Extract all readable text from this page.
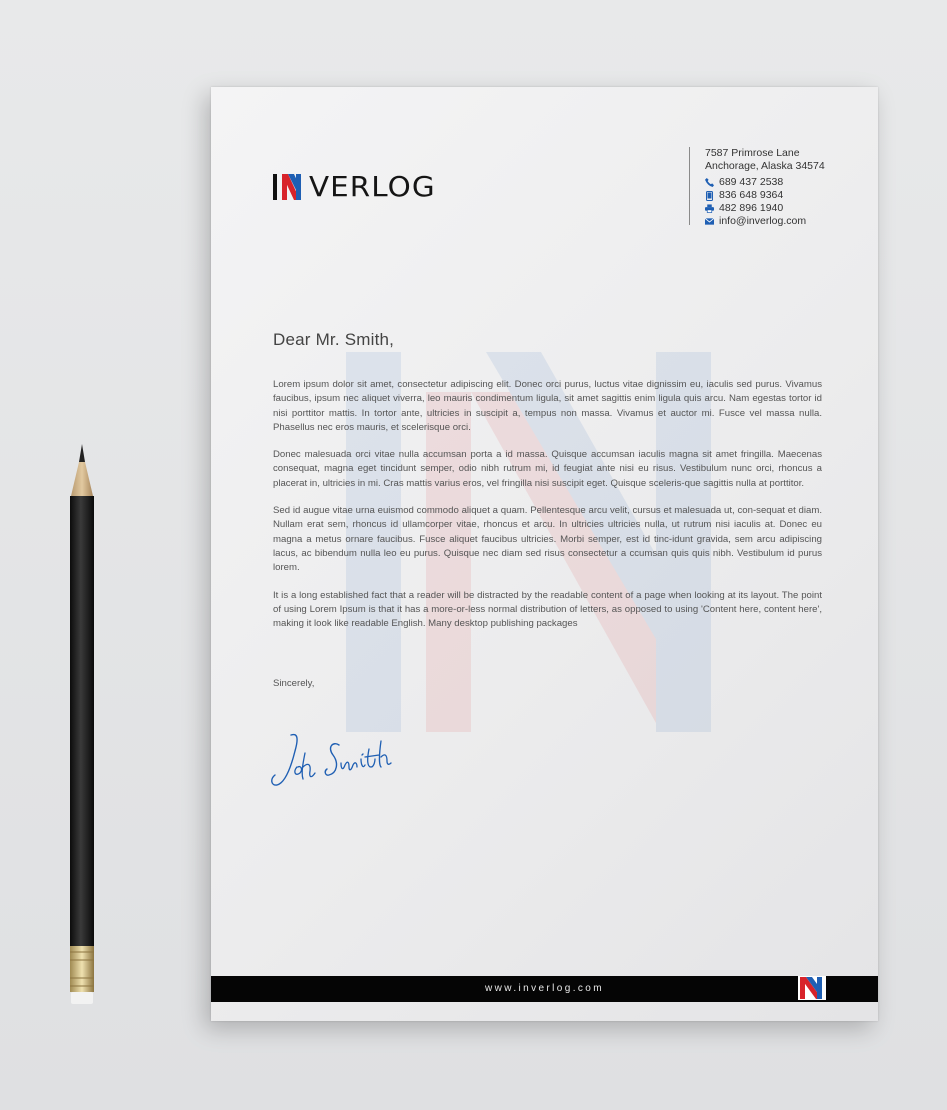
VERLOG
7587 Primrose Lane
Anchorage, Alaska 34574
689 437 2538
836 648 9364
482 896 1940
info@inverlog.com
Dear Mr. Smith,

Lorem ipsum dolor sit amet, consectetur adipiscing elit. Donec orci purus, luctus vitae dignissim eu, iaculis sed purus. Vivamus faucibus, ipsum nec aliquet viverra, leo mauris condimentum ligula, sit amet sagittis enim ligula quis arcu. Nam egestas tortor id nisi porttitor mattis. In tortor ante, ultricies in suscipit a, tempus non massa. Vivamus et auctor mi. Fusce vel massa nulla. Phasellus nec eros mauris, et scelerisque orci.

Donec malesuada orci vitae nulla accumsan porta a id massa. Quisque accumsan iaculis magna sit amet fringilla. Maecenas consequat, magna eget tincidunt semper, odio nibh rutrum mi, id feugiat ante nisi eu risus. Vestibulum nunc orci, rhoncus a placerat in, ultricies in mi. Cras mattis varius eros, vel fringilla nisi suscipit eget. Quisque sceleris-que sagittis nulla at porttitor.

Sed id augue vitae urna euismod commodo aliquet a quam. Pellentesque arcu velit, cursus et malesuada ut, con-sequat et diam. Nullam erat sem, rhoncus id ullamcorper vitae, rhoncus et arcu. In ultricies ultricies nulla, ut rutrum nisi iaculis at. Donec eu magna a metus ornare faucibus. Fusce aliquet faucibus ultricies. Morbi semper, est id tinc-idunt gravida, sem arcu adipiscing lacus, ac bibendum nulla leo eu purus. Quisque nec diam sed risus consectetur a ccumsan quis quis nibh. Vestibulum id purus lorem.

It is a long established fact that a reader will be distracted by the readable content of a page when looking at its layout. The point of using Lorem Ipsum is that it has a more-or-less normal distribution of letters, as opposed to using 'Content here, content here', making it look like readable English. Many desktop publishing packages

Sincerely,
www.inverlog.com
